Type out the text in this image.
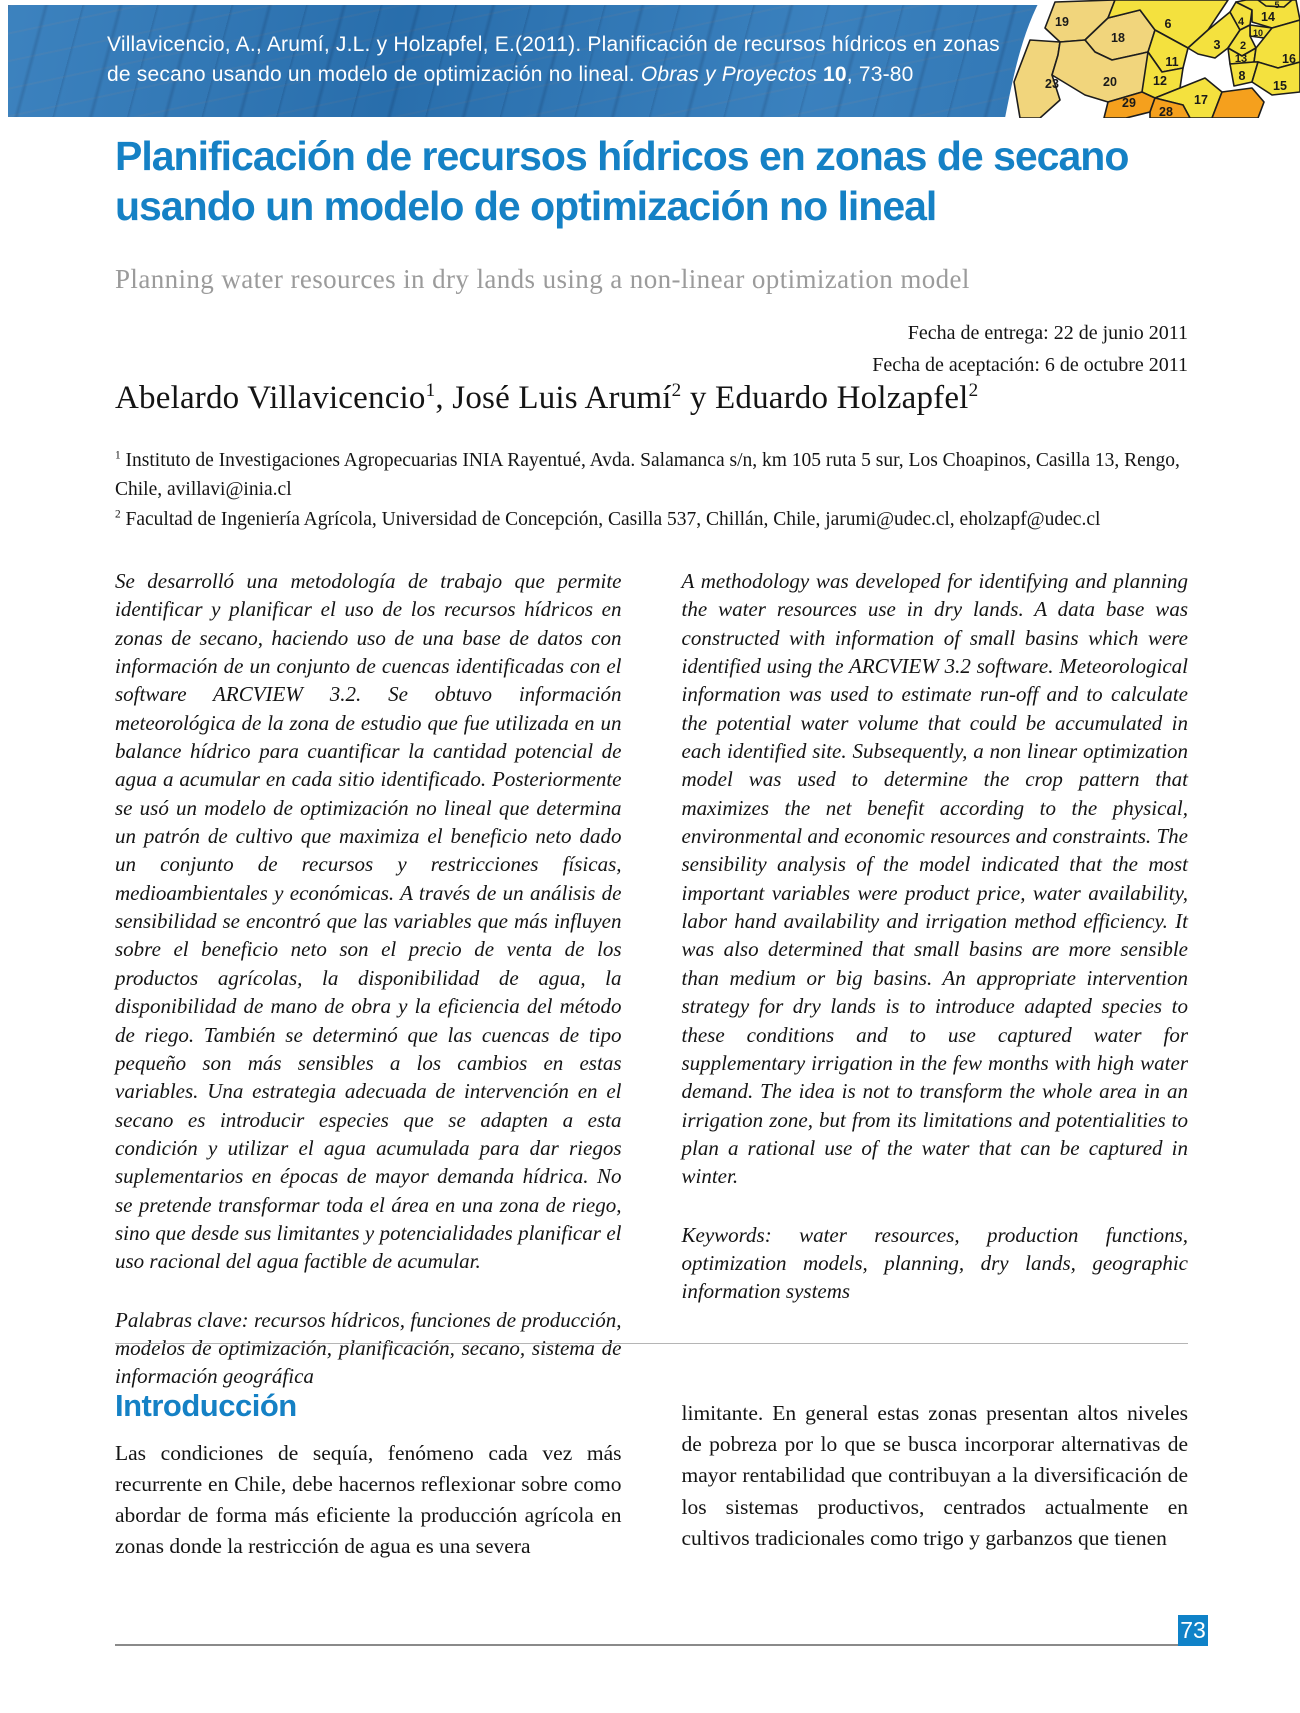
Villavicencio, A., Arumí, J.L. y Holzapfel, E.(2011). Planificación de recursos hídricos en zonas
de secano usando un modelo de optimización no lineal. Obras y Proyectos 10, 73-80
19
18
23	20
6
3
4 14
5
10
2
13	16
11
12
17
29
28
8
15
Planificación de recursos hídricos en zonas de secano usando un modelo de optimización no lineal
Planning water resources in dry lands using a non-linear optimization model
Fecha de entrega: 22 de junio 2011
Fecha de aceptación: 6 de octubre 2011

Abelardo Villavicencio$^1$, José Luis Arumí$^2$ y Eduardo Holzapfel$^2$

$^1$ Instituto de Investigaciones Agropecuarias INIA Rayentué, Avda. Salamanca s/n, km 105 ruta 5 sur, Los Choapinos, Casilla 13, Rengo, Chile, avillavi@inia.cl

$^2$ Facultad de Ingeniería Agrícola, Universidad de Concepción, Casilla 537, Chillán, Chile, jarumi@udec.cl, eholzapf@udec.cl

Se desarrolló una metodología de trabajo que permite identificar y planificar el uso de los recursos hídricos en zonas de secano, haciendo uso de una base de datos con información de un conjunto de cuencas identificadas con el software ARCVIEW 3.2. Se obtuvo información meteorológica de la zona de estudio que fue utilizada en un balance hídrico para cuantificar la cantidad potencial de agua a acumular en cada sitio identificado. Posteriormente se usó un modelo de optimización no lineal que determina un patrón de cultivo que maximiza el beneficio neto dado un conjunto de recursos y restricciones físicas, medioambientales y económicas. A través de un análisis de sensibilidad se encontró que las variables que más influyen sobre el beneficio neto son el precio de venta de los productos agrícolas, la disponibilidad de agua, la disponibilidad de mano de obra y la eficiencia del método de riego. También se determinó que las cuencas de tipo pequeño son más sensibles a los cambios en estas variables. Una estrategia adecuada de intervención en el secano es introducir especies que se adapten a esta condición y utilizar el agua acumulada para dar riegos suplementarios en épocas de mayor demanda hídrica. No se pretende transformar toda el área en una zona de riego, sino que desde sus limitantes y potencialidades planificar el uso racional del agua factible de acumular.

Palabras clave: recursos hídricos, funciones de producción, modelos de optimización, planificación, secano, sistema de información geográfica

A methodology was developed for identifying and planning the water resources use in dry lands. A data base was constructed with information of small basins which were identified using the ARCVIEW 3.2 software. Meteorological information was used to estimate run-off and to calculate the potential water volume that could be accumulated in each identified site. Subsequently, a non linear optimization model was used to determine the crop pattern that maximizes the net benefit according to the physical, environmental and economic resources and constraints. The sensibility analysis of the model indicated that the most important variables were product price, water availability, labor hand availability and irrigation method efficiency. It was also determined that small basins are more sensible than medium or big basins. An appropriate intervention strategy for dry lands is to introduce adapted species to these conditions and to use captured water for supplementary irrigation in the few months with high water demand. The idea is not to transform the whole area in an irrigation zone, but from its limitations and potentialities to plan a rational use of the water that can be captured in winter.

Keywords: water resources, production functions, optimization models, planning, dry lands, geographic information systems

Introducción

Las condiciones de sequía, fenómeno cada vez más recurrente en Chile, debe hacernos reflexionar sobre como abordar de forma más eficiente la producción agrícola en zonas donde la restricción de agua es una severa

limitante. En general estas zonas presentan altos niveles de pobreza por lo que se busca incorporar alternativas de mayor rentabilidad que contribuyan a la diversificación de los sistemas productivos, centrados actualmente en cultivos tradicionales como trigo y garbanzos que tienen

73
